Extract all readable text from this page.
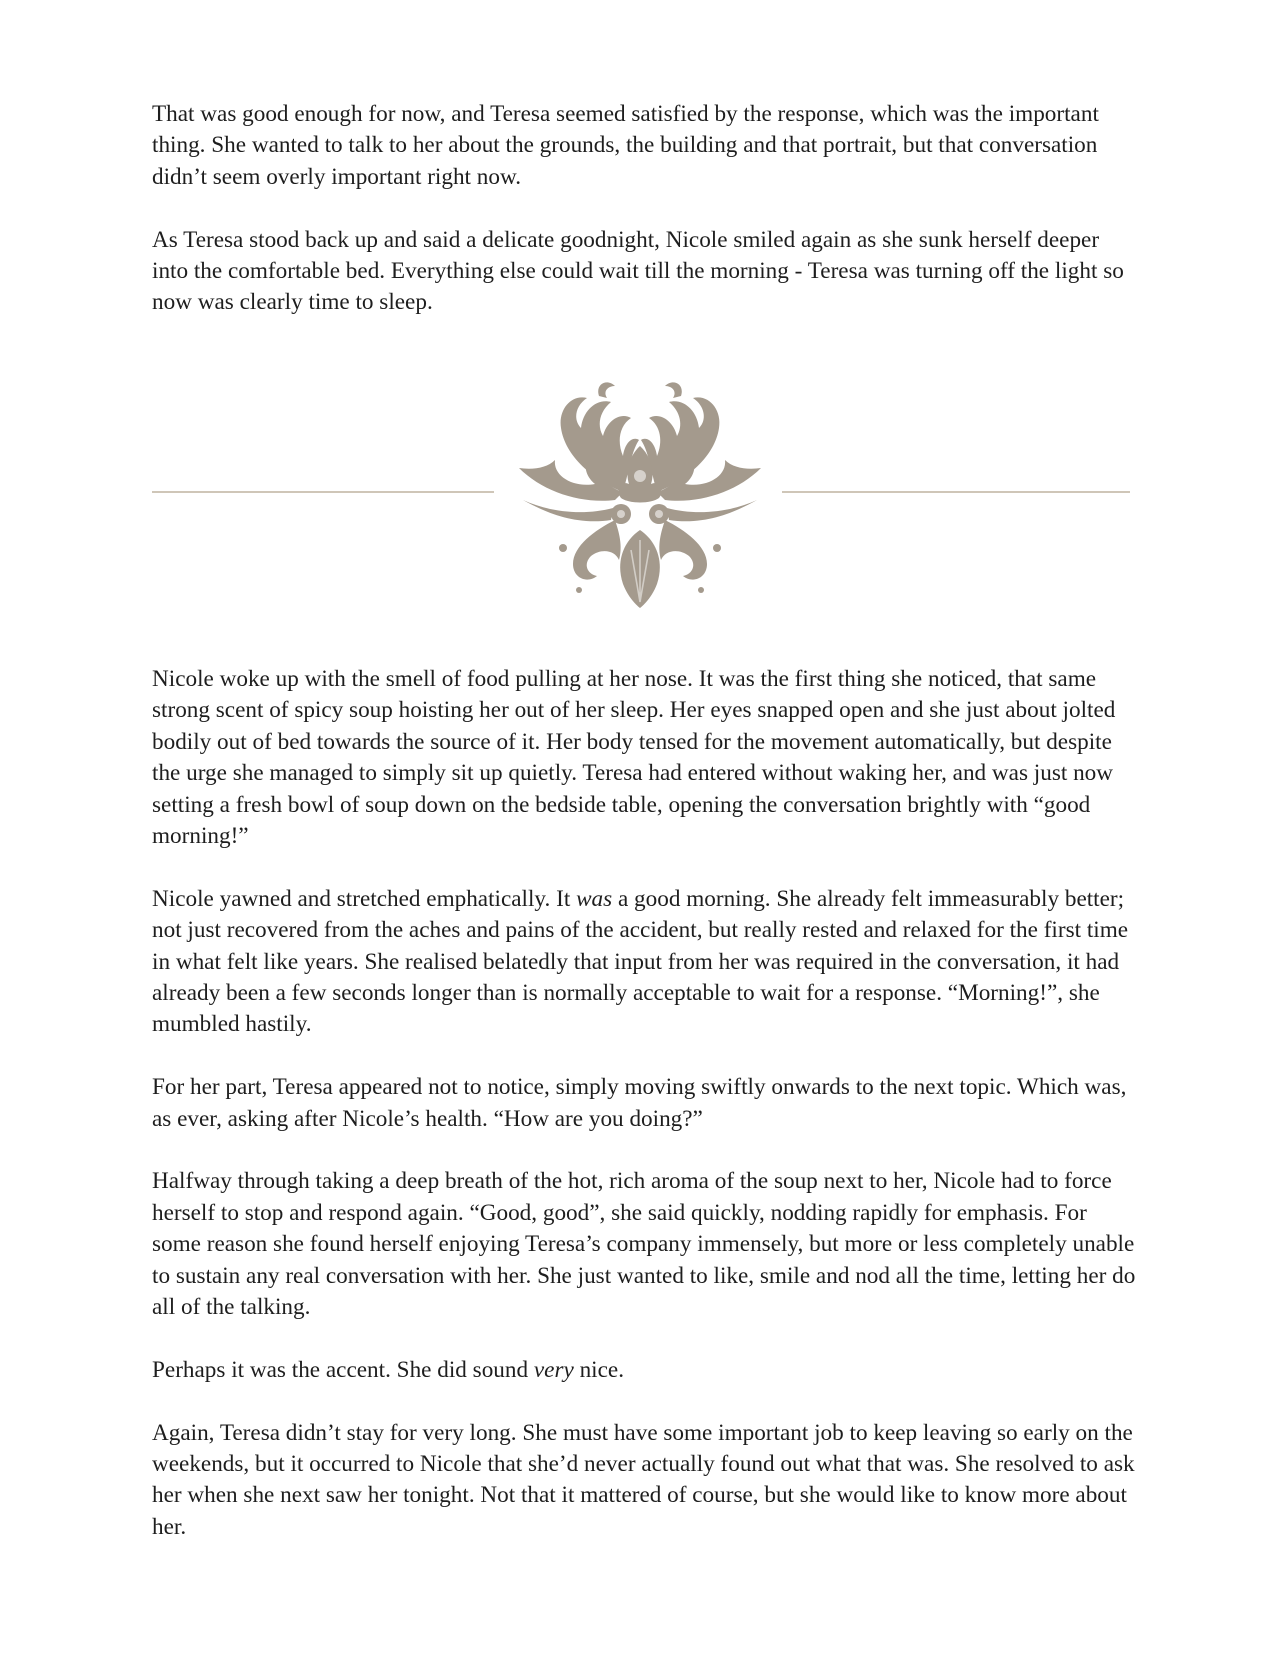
That was good enough for now, and Teresa seemed satisfied by the response, which was the important thing. She wanted to talk to her about the grounds, the building and that portrait, but that conversation didn’t seem overly important right now.

As Teresa stood back up and said a delicate goodnight, Nicole smiled again as she sunk herself deeper into the comfortable bed. Everything else could wait till the morning - Teresa was turning off the light so now was clearly time to sleep.

Nicole woke up with the smell of food pulling at her nose. It was the first thing she noticed, that same strong scent of spicy soup hoisting her out of her sleep. Her eyes snapped open and she just about jolted bodily out of bed towards the source of it. Her body tensed for the movement automatically, but despite the urge she managed to simply sit up quietly. Teresa had entered without waking her, and was just now setting a fresh bowl of soup down on the bedside table, opening the conversation brightly with “good morning!”

Nicole yawned and stretched emphatically. It was a good morning. She already felt immeasurably better; not just recovered from the aches and pains of the accident, but really rested and relaxed for the first time in what felt like years. She realised belatedly that input from her was required in the conversation, it had already been a few seconds longer than is normally acceptable to wait for a response. “Morning!”, she mumbled hastily.

For her part, Teresa appeared not to notice, simply moving swiftly onwards to the next topic. Which was, as ever, asking after Nicole’s health. “How are you doing?”

Halfway through taking a deep breath of the hot, rich aroma of the soup next to her, Nicole had to force herself to stop and respond again. “Good, good”, she said quickly, nodding rapidly for emphasis. For some reason she found herself enjoying Teresa’s company immensely, but more or less completely unable to sustain any real conversation with her. She just wanted to like, smile and nod all the time, letting her do all of the talking.

Perhaps it was the accent. She did sound very nice.

Again, Teresa didn’t stay for very long. She must have some important job to keep leaving so early on the weekends, but it occurred to Nicole that she’d never actually found out what that was. She resolved to ask her when she next saw her tonight. Not that it mattered of course, but she would like to know more about her.
